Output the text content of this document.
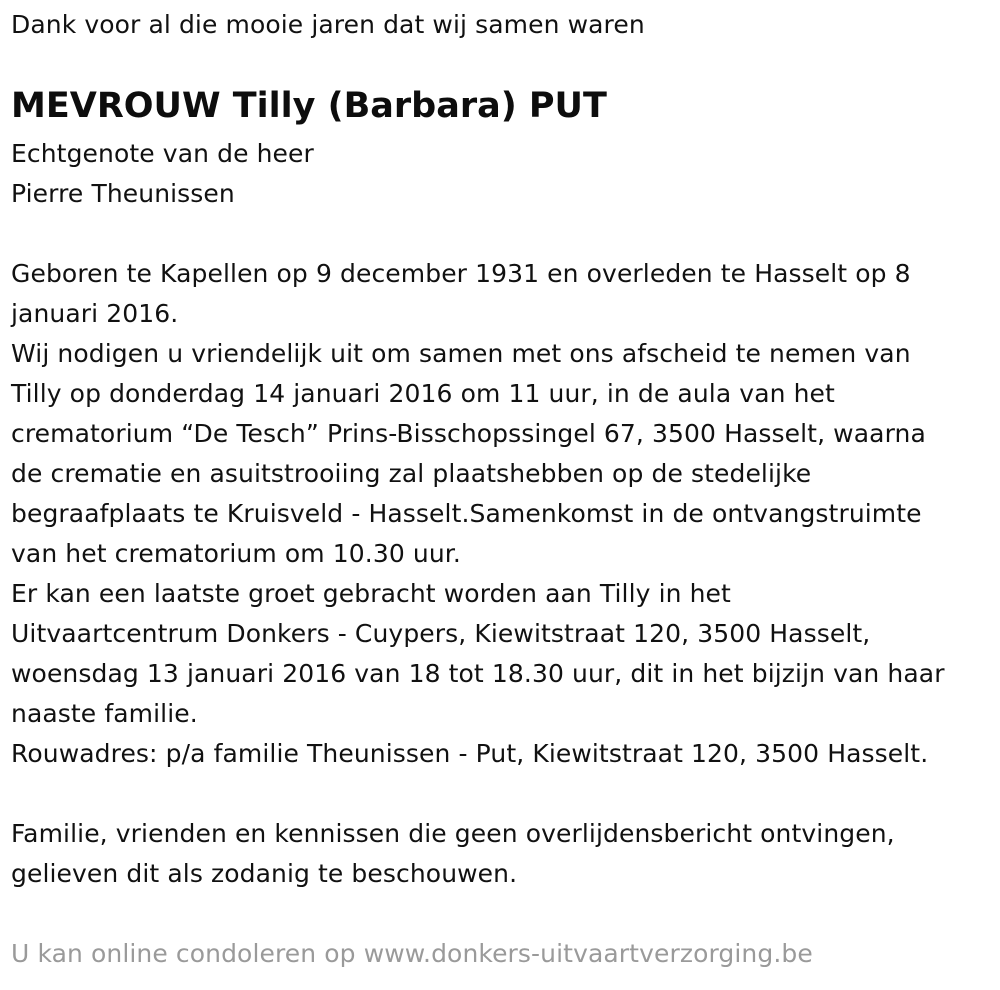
Dank voor al die mooie jaren dat wij samen waren
MEVROUW Tilly (Barbara) PUT
Echtgenote van de heer
Pierre Theunissen
Geboren te Kapellen op 9 december 1931 en overleden te Hasselt op 8
januari 2016.
Wij nodigen u vriendelijk uit om samen met ons afscheid te nemen van
Tilly op donderdag 14 januari 2016 om 11 uur, in de aula van het
crematorium “De Tesch” Prins-Bisschopssingel 67, 3500 Hasselt, waarna
de crematie en asuitstrooiing zal plaatshebben op de stedelijke
begraafplaats te Kruisveld - Hasselt.Samenkomst in de ontvangstruimte
van het crematorium om 10.30 uur.
Er kan een laatste groet gebracht worden aan Tilly in het
Uitvaartcentrum Donkers - Cuypers, Kiewitstraat 120, 3500 Hasselt,
woensdag 13 januari 2016 van 18 tot 18.30 uur, dit in het bijzijn van haar
naaste familie.
Rouwadres: p/a familie Theunissen - Put, Kiewitstraat 120, 3500 Hasselt.
Familie, vrienden en kennissen die geen overlijdensbericht ontvingen,
gelieven dit als zodanig te beschouwen.
U kan online condoleren op www.donkers-uitvaartverzorging.be
